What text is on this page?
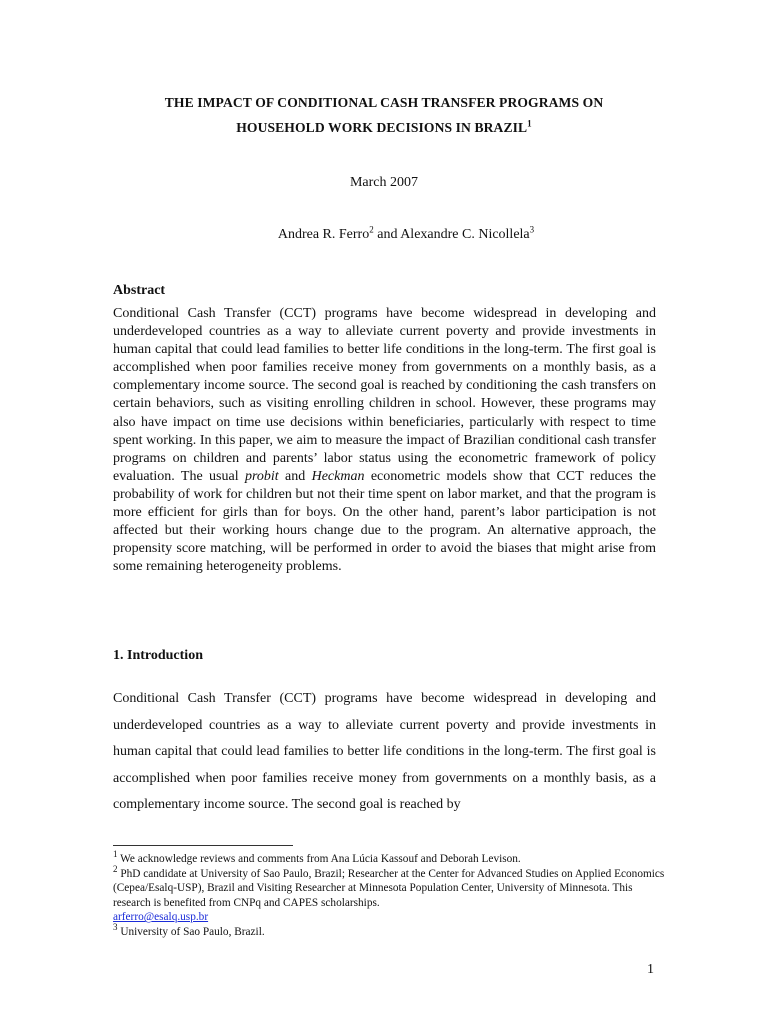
THE IMPACT OF CONDITIONAL CASH TRANSFER PROGRAMS ON
HOUSEHOLD WORK DECISIONS IN BRAZIL$^1$
March 2007
Andrea R. Ferro$^2$ and Alexandre C. Nicollela$^3$
Abstract
Conditional Cash Transfer (CCT) programs have become widespread in developing and underdeveloped countries as a way to alleviate current poverty and provide investments in human capital that could lead families to better life conditions in the long-term. The first goal is accomplished when poor families receive money from governments on a monthly basis, as a complementary income source. The second goal is reached by conditioning the cash transfers on certain behaviors, such as visiting enrolling children in school. However, these programs may also have impact on time use decisions within beneficiaries, particularly with respect to time spent working. In this paper, we aim to measure the impact of Brazilian conditional cash transfer programs on children and parents’ labor status using the econometric framework of policy evaluation. The usual probit and Heckman econometric models show that CCT reduces the probability of work for children but not their time spent on labor market, and that the program is more efficient for girls than for boys. On the other hand, parent’s labor participation is not affected but their working hours change due to the program. An alternative approach, the propensity score matching, will be performed in order to avoid the biases that might arise from some remaining heterogeneity problems.
1. Introduction
Conditional Cash Transfer (CCT) programs have become widespread in developing and underdeveloped countries as a way to alleviate current poverty and provide investments in human capital that could lead families to better life conditions in the long-term. The first goal is accomplished when poor families receive money from governments on a monthly basis, as a complementary income source. The second goal is reached by

$^1$ We acknowledge reviews and comments from Ana Lúcia Kassouf and Deborah Levison.

$^2$ PhD candidate at University of Sao Paulo, Brazil; Researcher at the Center for Advanced Studies on Applied Economics (Cepea/Esalq-USP), Brazil and Visiting Researcher at Minnesota Population Center, University of Minnesota. This research is benefited from CNPq and CAPES scholarships.
arferro@esalq.usp.br

$^3$ University of Sao Paulo, Brazil.

1
